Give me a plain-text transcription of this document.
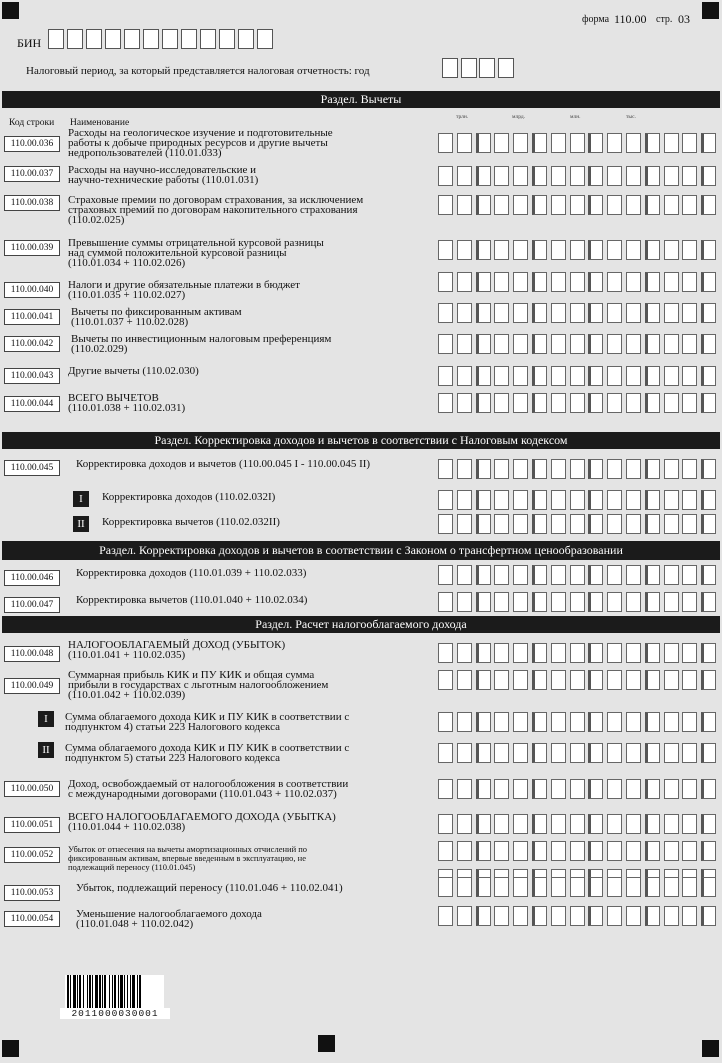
форма 110.00 стр. 03
БИН
Налоговый период, за который представляется налоговая отчетность: год
Раздел. Вычеты
Код строки Наименование
трлн.	млрд.	млн.	тыс.
110.00.036
Расходы на геологическое изучение и подготовительные
работы к добыче природных ресурсов и другие вычеты
недропользователей (110.01.033)
110.00.037	Расходы на научно-исследовательские и
научно-технические работы (110.01.031)
110.00.038	Страховые премии по договорам страхования, за исключением
страховых премий по договорам накопительного страхования
(110.02.025)
110.00.039	Превышение суммы отрицательной курсовой разницы
над суммой положительной курсовой разницы
(110.01.034 + 110.02.026)
110.00.040	Налоги и другие обязательные платежи в бюджет
(110.01.035 + 110.02.027)
110.00.041	Вычеты по фиксированным активам
(110.01.037 + 110.02.028)
110.00.042	Вычеты по инвестиционным налоговым преференциям
(110.02.029)
110.00.043	Другие вычеты (110.02.030)
110.00.044	ВСЕГО ВЫЧЕТОВ
(110.01.038 + 110.02.031)
110.00.045	Корректировка доходов и вычетов (110.00.045 I - 110.00.045 II)
I	Корректировка доходов (110.02.032I)
II	Корректировка вычетов (110.02.032II)
110.00.046	Корректировка доходов (110.01.039 + 110.02.033)
110.00.047	Корректировка вычетов (110.01.040 + 110.02.034)
110.00.048
НАЛОГООБЛАГАЕМЫЙ ДОХОД (УБЫТОК)
(110.01.041 + 110.02.035)
110.00.049
Суммарная прибыль КИК и ПУ КИК и общая сумма
прибыли в государствах с льготным налогообложением
(110.01.042 + 110.02.039)
I	Сумма облагаемого дохода КИК и ПУ КИК в соответствии с
подпунктом 4) статьи 223 Налогового кодекса
II	Сумма облагаемого дохода КИК и ПУ КИК в соответствии с
подпунктом 5) статьи 223 Налогового кодекса
110.00.050	Доход, освобождаемый от налогообложения в соответствии
с международными договорами (110.01.043 + 110.02.037)
110.00.051
ВСЕГО НАЛОГООБЛАГАЕМОГО ДОХОДА (УБЫТКА)
(110.01.044 + 110.02.038)
110.00.052
Убыток от отнесения на вычеты амортизационных отчислений по
фиксированным активам, впервые введенным в эксплуатацию, не
подлежащий переносу (110.01.045)
110.00.053	Убыток, подлежащий переносу (110.01.046 + 110.02.041)
110.00.054	Уменьшение налогооблагаемого дохода
(110.01.048 + 110.02.042)
Раздел. Корректировка доходов и вычетов в соответствии с Налоговым кодексом
Раздел. Корректировка доходов и вычетов в соответствии с Законом о трансфертном ценообразовании
Раздел. Расчет налогооблагаемого дохода
2011000030001
